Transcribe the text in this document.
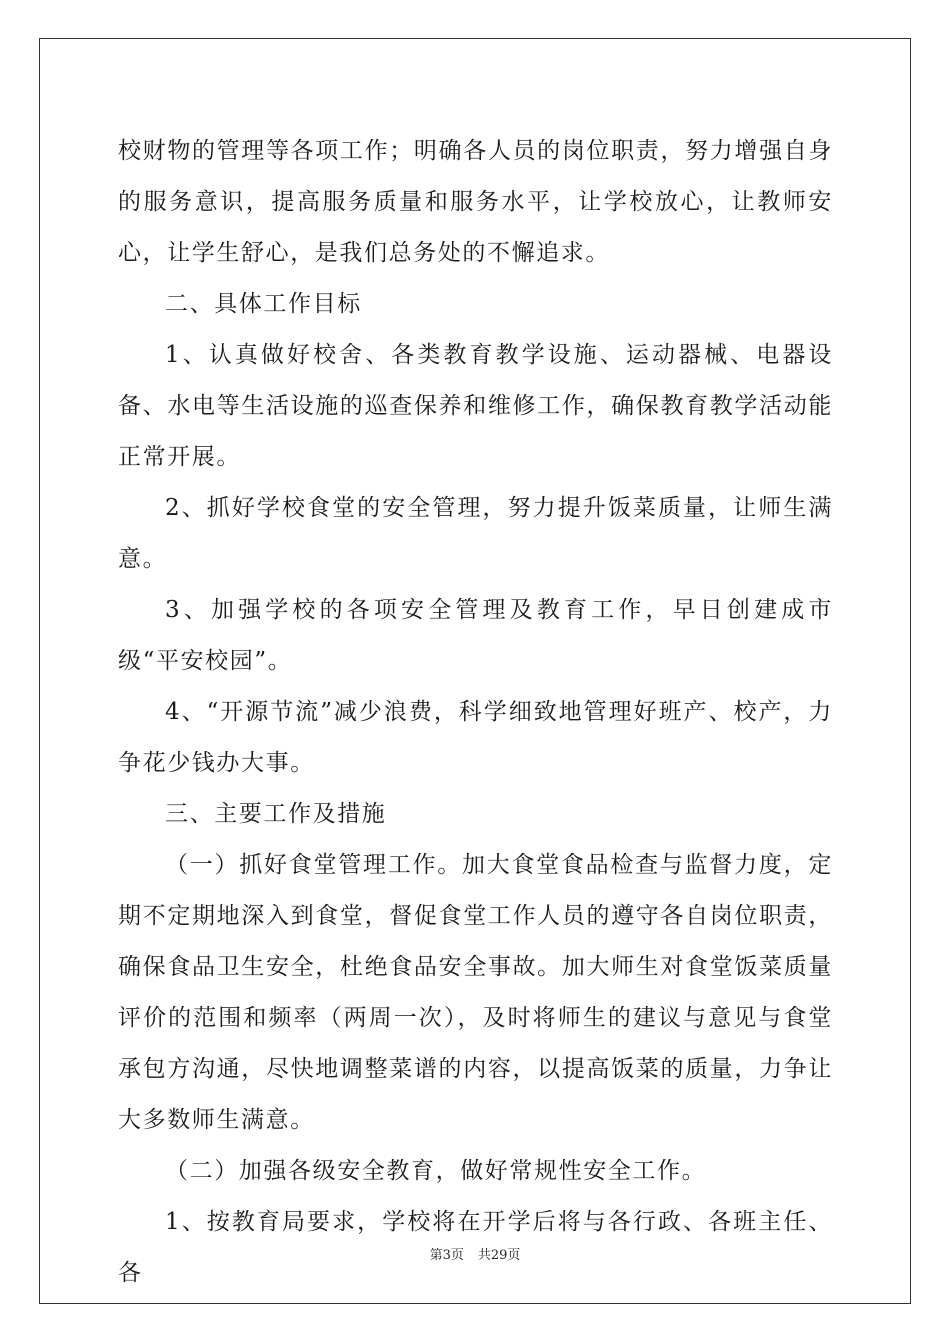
校财物的管理等各项工作；明确各人员的岗位职责，努力增强自身的服务意识，提高服务质量和服务水平，让学校放心，让教师安心，让学生舒心，是我们总务处的不懈追求。

二、具体工作目标

1、认真做好校舍、各类教育教学设施、运动器械、电器设备、水电等生活设施的巡查保养和维修工作，确保教育教学活动能正常开展。

2、抓好学校食堂的安全管理，努力提升饭菜质量，让师生满意。

3、加强学校的各项安全管理及教育工作，早日创建成市级“平安校园”。

4、“开源节流”减少浪费，科学细致地管理好班产、校产，力争花少钱办大事。

三、主要工作及措施

（一）抓好食堂管理工作。加大食堂食品检查与监督力度，定期不定期地深入到食堂，督促食堂工作人员的遵守各自岗位职责，确保食品卫生安全，杜绝食品安全事故。加大师生对食堂饭菜质量评价的范围和频率（两周一次），及时将师生的建议与意见与食堂承包方沟通，尽快地调整菜谱的内容，以提高饭菜的质量，力争让大多数师生满意。

（二）加强各级安全教育，做好常规性安全工作。

1、按教育局要求，学校将在开学后将与各行政、各班主任、各

第3页 共29页
